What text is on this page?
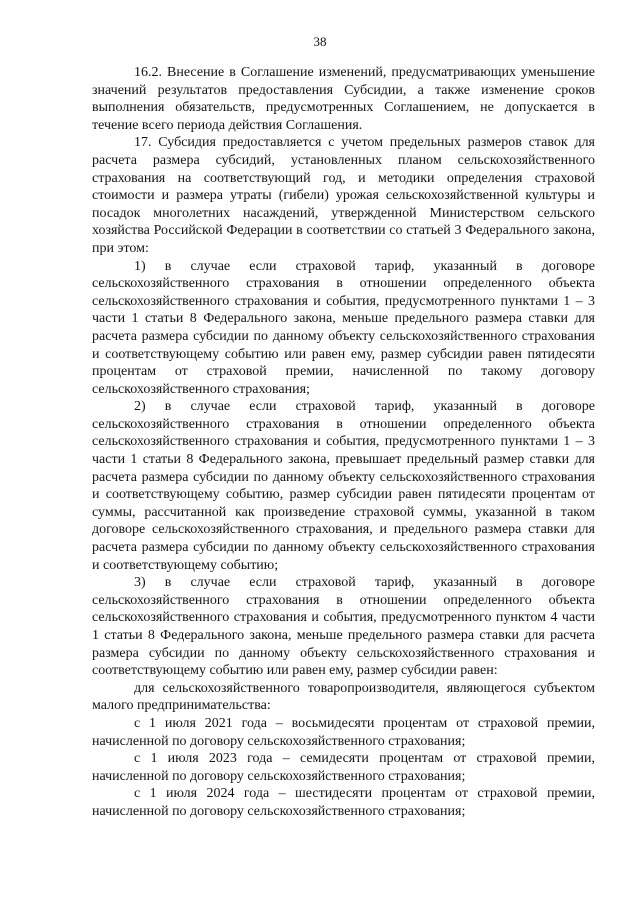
38

16.2. Внесение в Соглашение изменений, предусматривающих уменьшение значений результатов предоставления Субсидии, а также изменение сроков выполнения обязательств, предусмотренных Соглашением, не допускается в течение всего периода действия Соглашения.

17. Субсидия предоставляется с учетом предельных размеров ставок для расчета размера субсидий, установленных планом сельскохозяйственного страхования на соответствующий год, и методики определения страховой стоимости и размера утраты (гибели) урожая сельскохозяйственной культуры и посадок многолетних насаждений, утвержденной Министерством сельского хозяйства Российской Федерации в соответствии со статьей 3 Федерального закона, при этом:

1) в случае если страховой тариф, указанный в договоре сельскохозяйственного страхования в отношении определенного объекта сельскохозяйственного страхования и события, предусмотренного пунктами 1 – 3 части 1 статьи 8 Федерального закона, меньше предельного размера ставки для расчета размера субсидии по данному объекту сельскохозяйственного страхования и соответствующему событию или равен ему, размер субсидии равен пятидесяти процентам от страховой премии, начисленной по такому договору сельскохозяйственного страхования;

2) в случае если страховой тариф, указанный в договоре сельскохозяйственного страхования в отношении определенного объекта сельскохозяйственного страхования и события, предусмотренного пунктами 1 – 3 части 1 статьи 8 Федерального закона, превышает предельный размер ставки для расчета размера субсидии по данному объекту сельскохозяйственного страхования и соответствующему событию, размер субсидии равен пятидесяти процентам от суммы, рассчитанной как произведение страховой суммы, указанной в таком договоре сельскохозяйственного страхования, и предельного размера ставки для расчета размера субсидии по данному объекту сельскохозяйственного страхования и соответствующему событию;

3) в случае если страховой тариф, указанный в договоре сельскохозяйственного страхования в отношении определенного объекта сельскохозяйственного страхования и события, предусмотренного пунктом 4 части 1 статьи 8 Федерального закона, меньше предельного размера ставки для расчета размера субсидии по данному объекту сельскохозяйственного страхования и соответствующему событию или равен ему, размер субсидии равен:

для сельскохозяйственного товаропроизводителя, являющегося субъектом малого предпринимательства:

с 1 июля 2021 года – восьмидесяти процентам от страховой премии, начисленной по договору сельскохозяйственного страхования;

с 1 июля 2023 года – семидесяти процентам от страховой премии, начисленной по договору сельскохозяйственного страхования;

с 1 июля 2024 года – шестидесяти процентам от страховой премии, начисленной по договору сельскохозяйственного страхования;
